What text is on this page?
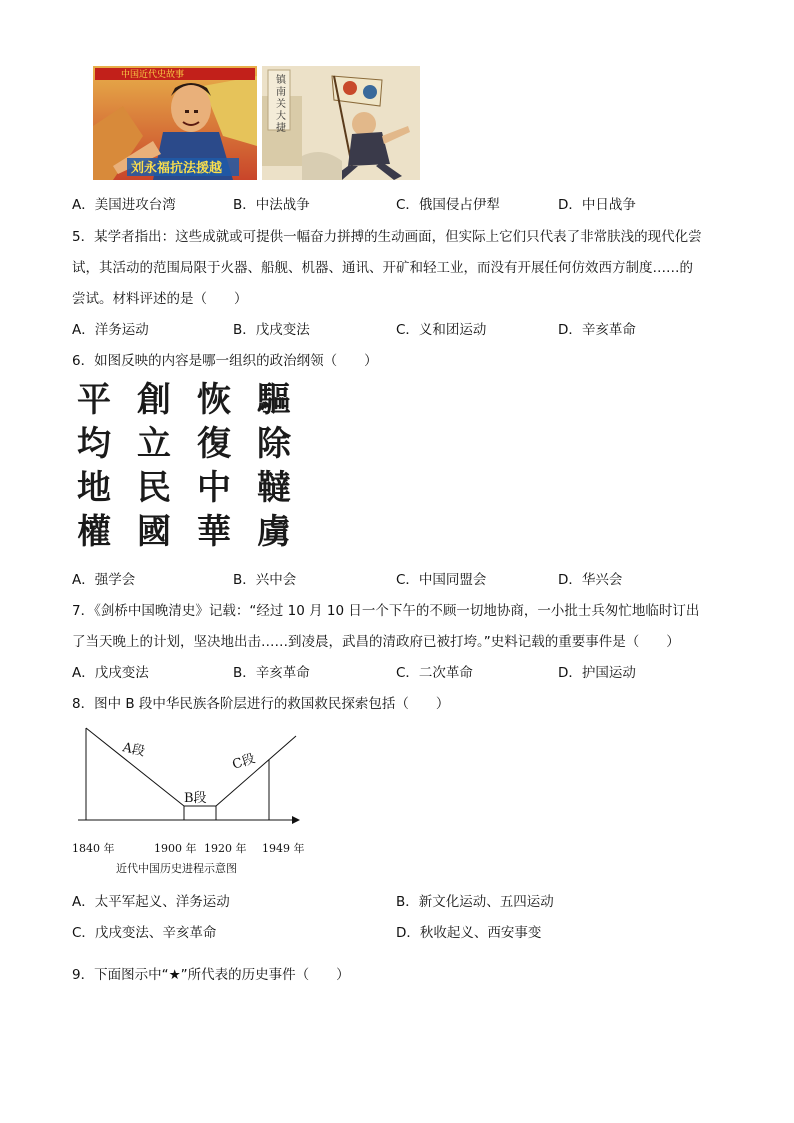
中国近代史故事
刘永福抗法援越
镇南关大捷
A．美国进攻台湾	B．中法战争	C．俄国侵占伊犁	D．中日战争
5．某学者指出：这些成就或可提供一幅奋力拼搏的生动画面，但实际上它们只代表了非常肤浅的现代化尝
试，其活动的范围局限于火器、船舰、机器、通讯、开矿和轻工业，而没有开展任何仿效西方制度……的
尝试。材料评述的是（　　）
A．洋务运动	B．戊戌变法	C．义和团运动	D．辛亥革命
6．如图反映的内容是哪一组织的政治纲领（　　）
平
均
地
權
創
立
民
國
恢
復
中
華
驅
除
韃
虜
A．强学会	B．兴中会	C．中国同盟会	D．华兴会
7．《剑桥中国晚清史》记载：“经过 10 月 10 日一个下午的不顾一切地协商，一小批士兵匆忙地临时订出
了当天晚上的计划，坚决地出击……到凌晨，武昌的清政府已被打垮。”史料记载的重要事件是（　　）
A．戊戌变法	B．辛亥革命	C．二次革命	D．护国运动
8．图中 B 段中华民族各阶层进行的救国救民探索包括（　　）
A段
B段
C段
1840 年	1900 年 1920 年 1949 年
近代中国历史进程示意图
A．太平军起义、洋务运动	B．新文化运动、五四运动
C．戊戌变法、辛亥革命	D．秋收起义、西安事变
9．下面图示中“★”所代表的历史事件（　　）
